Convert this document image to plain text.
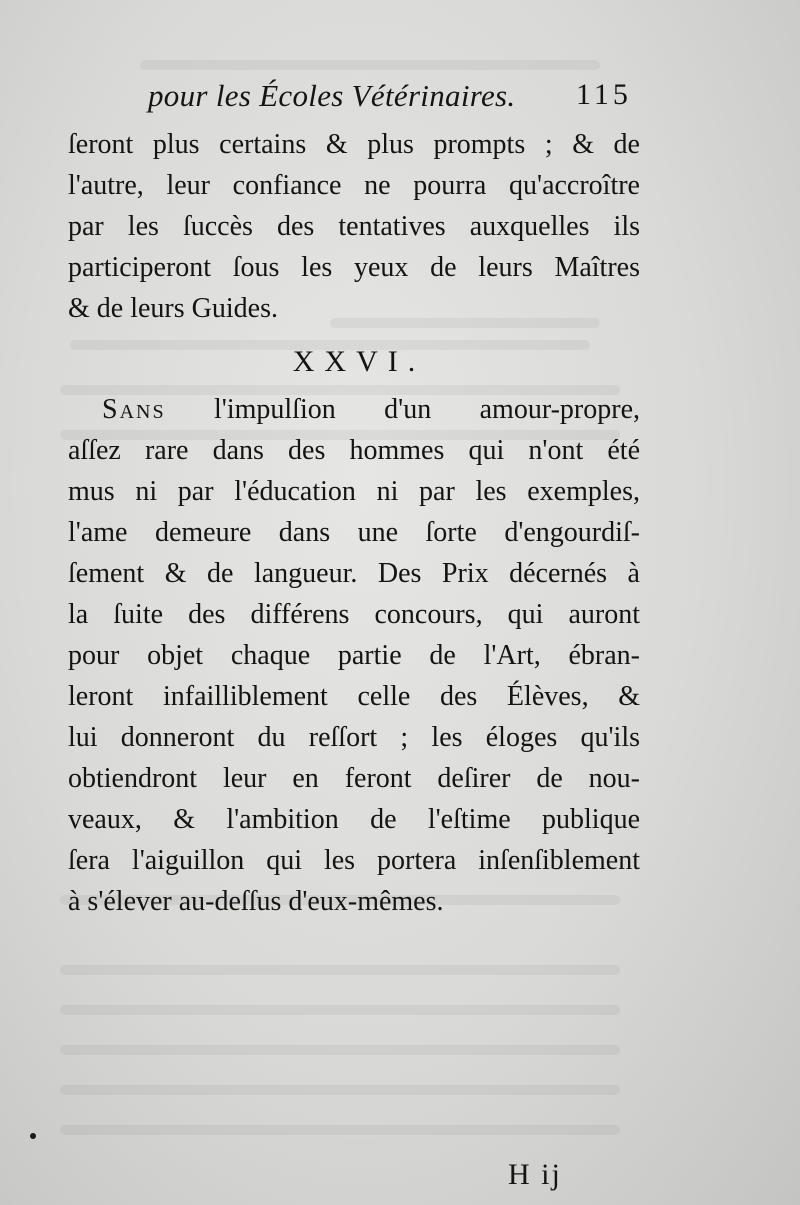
pour les Écoles Vétérinaires. 115
ſeront plus certains & plus prompts ; & de
l'autre, leur confiance ne pourra qu'accroître
par les ſuccès des tentatives auxquelles ils
participeront ſous les yeux de leurs Maîtres
& de leurs Guides.
XXVI.
Sans l'impulſion d'un amour-propre,
aſſez rare dans des hommes qui n'ont été
mus ni par l'éducation ni par les exemples,
l'ame demeure dans une ſorte d'engourdiſ-
ſement & de langueur. Des Prix décernés à
la ſuite des différens concours, qui auront
pour objet chaque partie de l'Art, ébran-
leront infailliblement celle des Élèves, &
lui donneront du reſſort ; les éloges qu'ils
obtiendront leur en feront deſirer de nou-
veaux, & l'ambition de l'eſtime publique
ſera l'aiguillon qui les portera inſenſiblement
à s'élever au-deſſus d'eux-mêmes.
H ij
